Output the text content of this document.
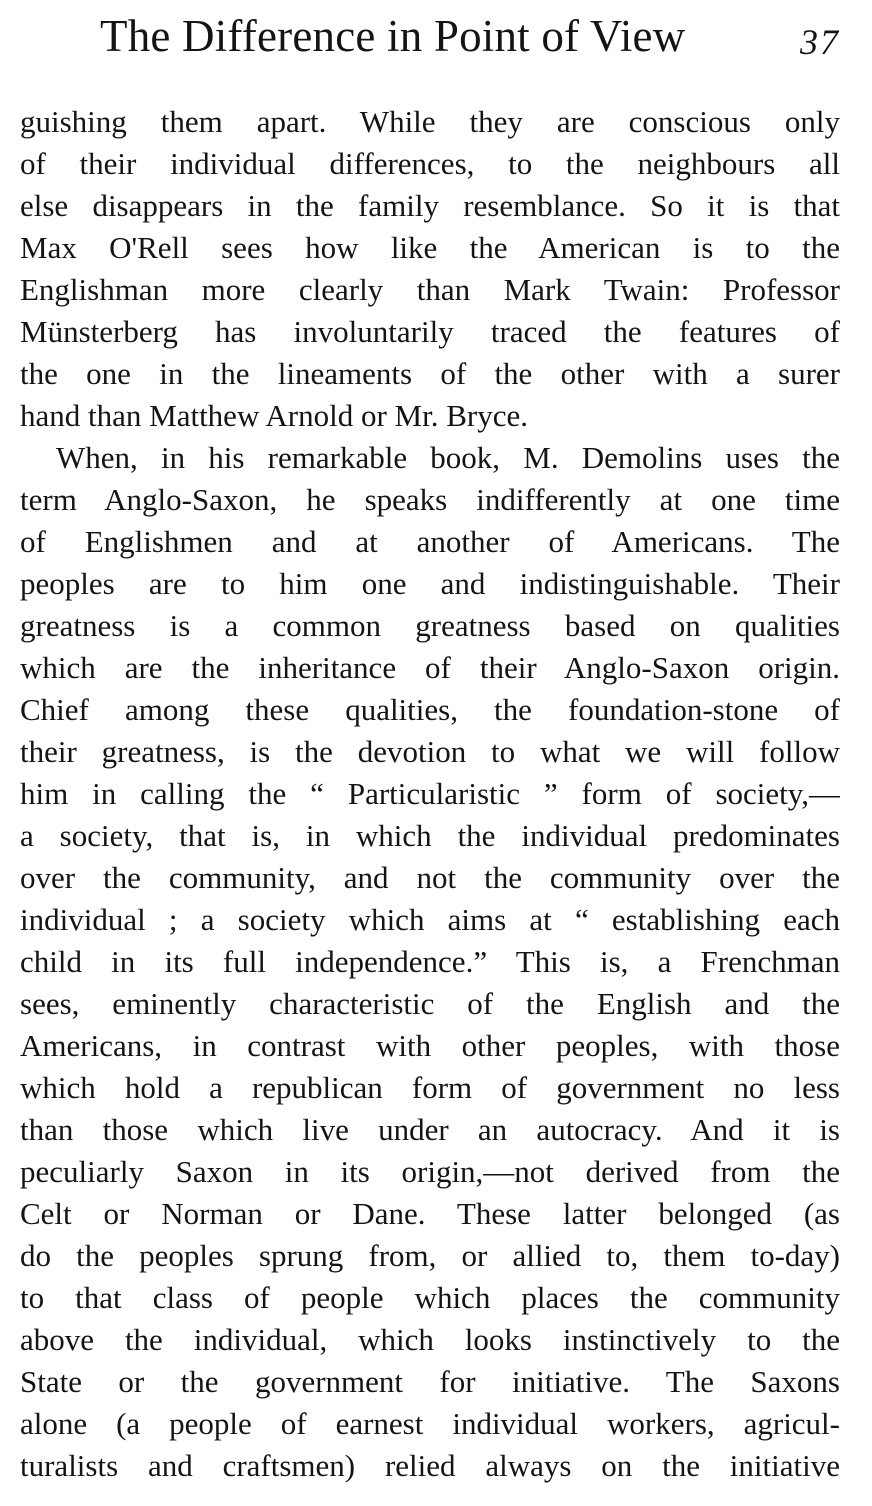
The Difference in Point of View	37
guishing them apart. While they are conscious only
of their individual differences, to the neighbours all
else disappears in the family resemblance. So it is that
Max O'Rell sees how like the American is to the
Englishman more clearly than Mark Twain: Professor
Münsterberg has involuntarily traced the features of
the one in the lineaments of the other with a surer
hand than Matthew Arnold or Mr. Bryce.
When, in his remarkable book, M. Demolins uses the
term Anglo-Saxon, he speaks indifferently at one time
of Englishmen and at another of Americans. The
peoples are to him one and indistinguishable. Their
greatness is a common greatness based on qualities
which are the inheritance of their Anglo-Saxon origin.
Chief among these qualities, the foundation-stone of
their greatness, is the devotion to what we will follow
him in calling the “ Particularistic ” form of society,—
a society, that is, in which the individual predominates
over the community, and not the community over the
individual ; a society which aims at “ establishing each
child in its full independence.” This is, a Frenchman
sees, eminently characteristic of the English and the
Americans, in contrast with other peoples, with those
which hold a republican form of government no less
than those which live under an autocracy. And it is
peculiarly Saxon in its origin,—not derived from the
Celt or Norman or Dane. These latter belonged (as
do the peoples sprung from, or allied to, them to-day)
to that class of people which places the community
above the individual, which looks instinctively to the
State or the government for initiative. The Saxons
alone (a people of earnest individual workers, agricul-
turalists and craftsmen) relied always on the initiative
